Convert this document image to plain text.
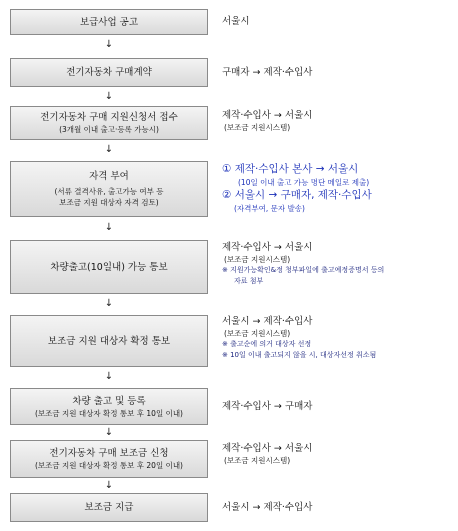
보급사업 공고
↓
전기자동차 구매계약
↓
전기자동차 구매 지원신청서 접수
(3개월 이내 출고·등록 가능시)
↓
자격 부여
(서류 결격사유, 출고가능 여부 등
보조금 지원 대상자 자격 검토)
↓
차량출고(10일내) 가능 통보
↓
보조금 지원 대상자 확정 통보
↓
차량 출고 및 등록
(보조금 지원 대상자 확정 통보 후 10일 이내)
↓
전기자동차 구매 보조금 신청
(보조금 지원 대상자 확정 통보 후 20일 이내)
↓
보조금 지급
서울시
구매자 → 제작·수입사
제작·수입사 → 서울시
(보조금 지원시스템)
① 제작·수입사 본사 → 서울시
(10일 이내 출고 가능 명단 메일로 제출)
② 서울시 → 구매자, 제작·수입사
(자격부여, 문자 발송)
제작·수입사 → 서울시
(보조금 지원시스템)
※ 지원가능확인&정 청부파일에 출고예정증명서 등의
자료 첨부
서울시 → 제작·수입사
(보조금 지원시스템)
※ 출고순에 의거 대상자 선정
※ 10일 이내 출고되지 않을 시, 대상자선정 취소됨
제작·수입사 → 구매자
제작·수입사 → 서울시
(보조금 지원시스템)
서울시 → 제작·수입사
